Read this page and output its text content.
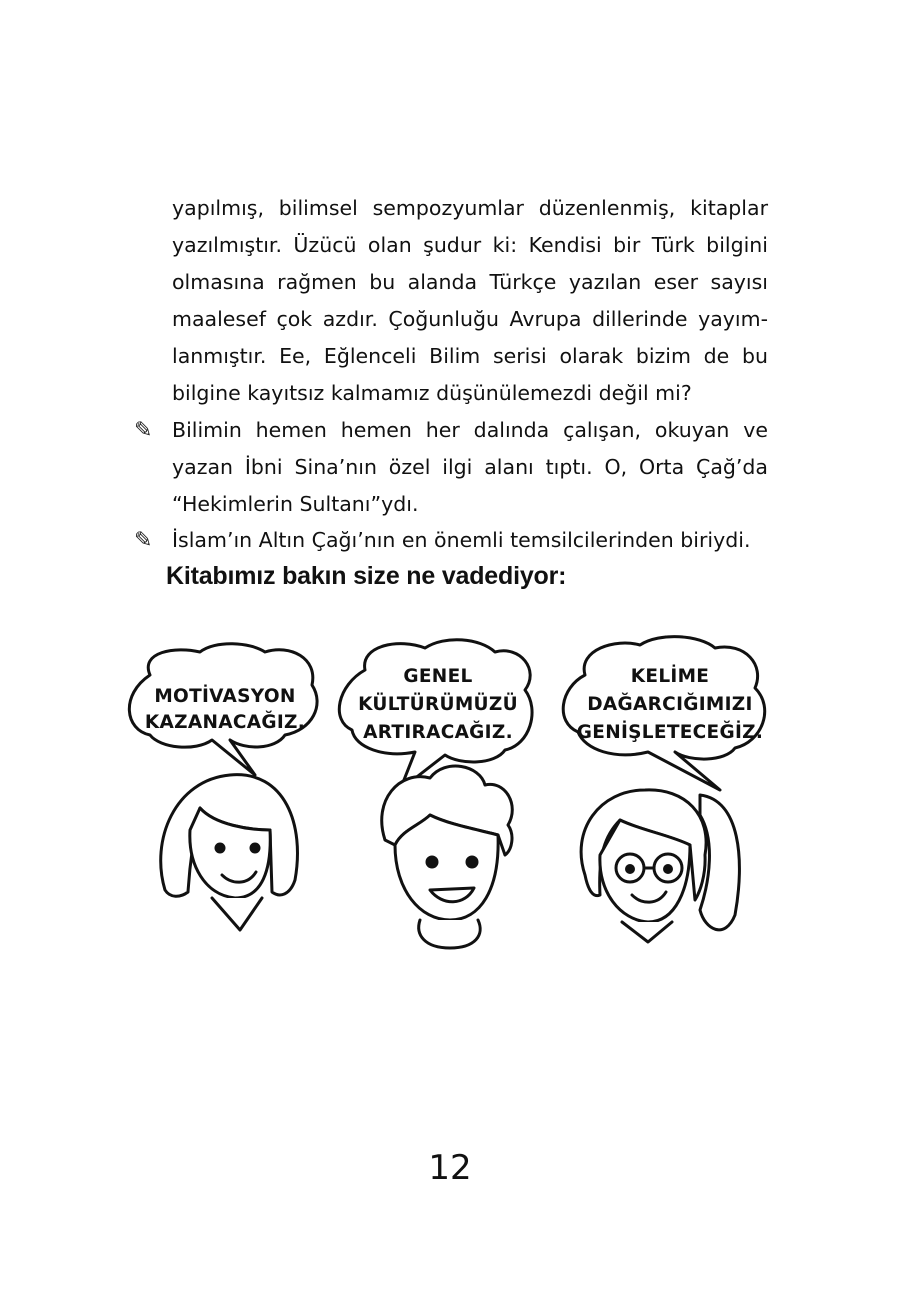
yapılmış, bilimsel sempozyumlar düzenlenmiş, kitaplar
yazılmıştır. Üzücü olan şudur ki: Kendisi bir Türk bilgini
olmasına rağmen bu alanda Türkçe yazılan eser sayısı
maalesef çok azdır. Çoğunluğu Avrupa dillerinde yayım-
lanmıştır. Ee, Eğlenceli Bilim serisi olarak bizim de bu
bilgine kayıtsız kalmamız düşünülemezdi değil mi?
✎ Bilimin hemen hemen her dalında çalışan, okuyan ve
yazan İbni Sina’nın özel ilgi alanı tıptı. O, Orta Çağ’da
“Hekimlerin Sultanı”ydı.
✎ İslam’ın Altın Çağı’nın en önemli temsilcilerinden biriydi.
Kitabımız bakın size ne vadediyor:
MOTİVASYON
KAZANACAĞIZ.
GENEL
KÜLTÜRÜMÜZÜ
ARTIRACAĞIZ.
KELİME
DAĞARCIĞIMIZI
GENİŞLETECEĞİZ.
12
